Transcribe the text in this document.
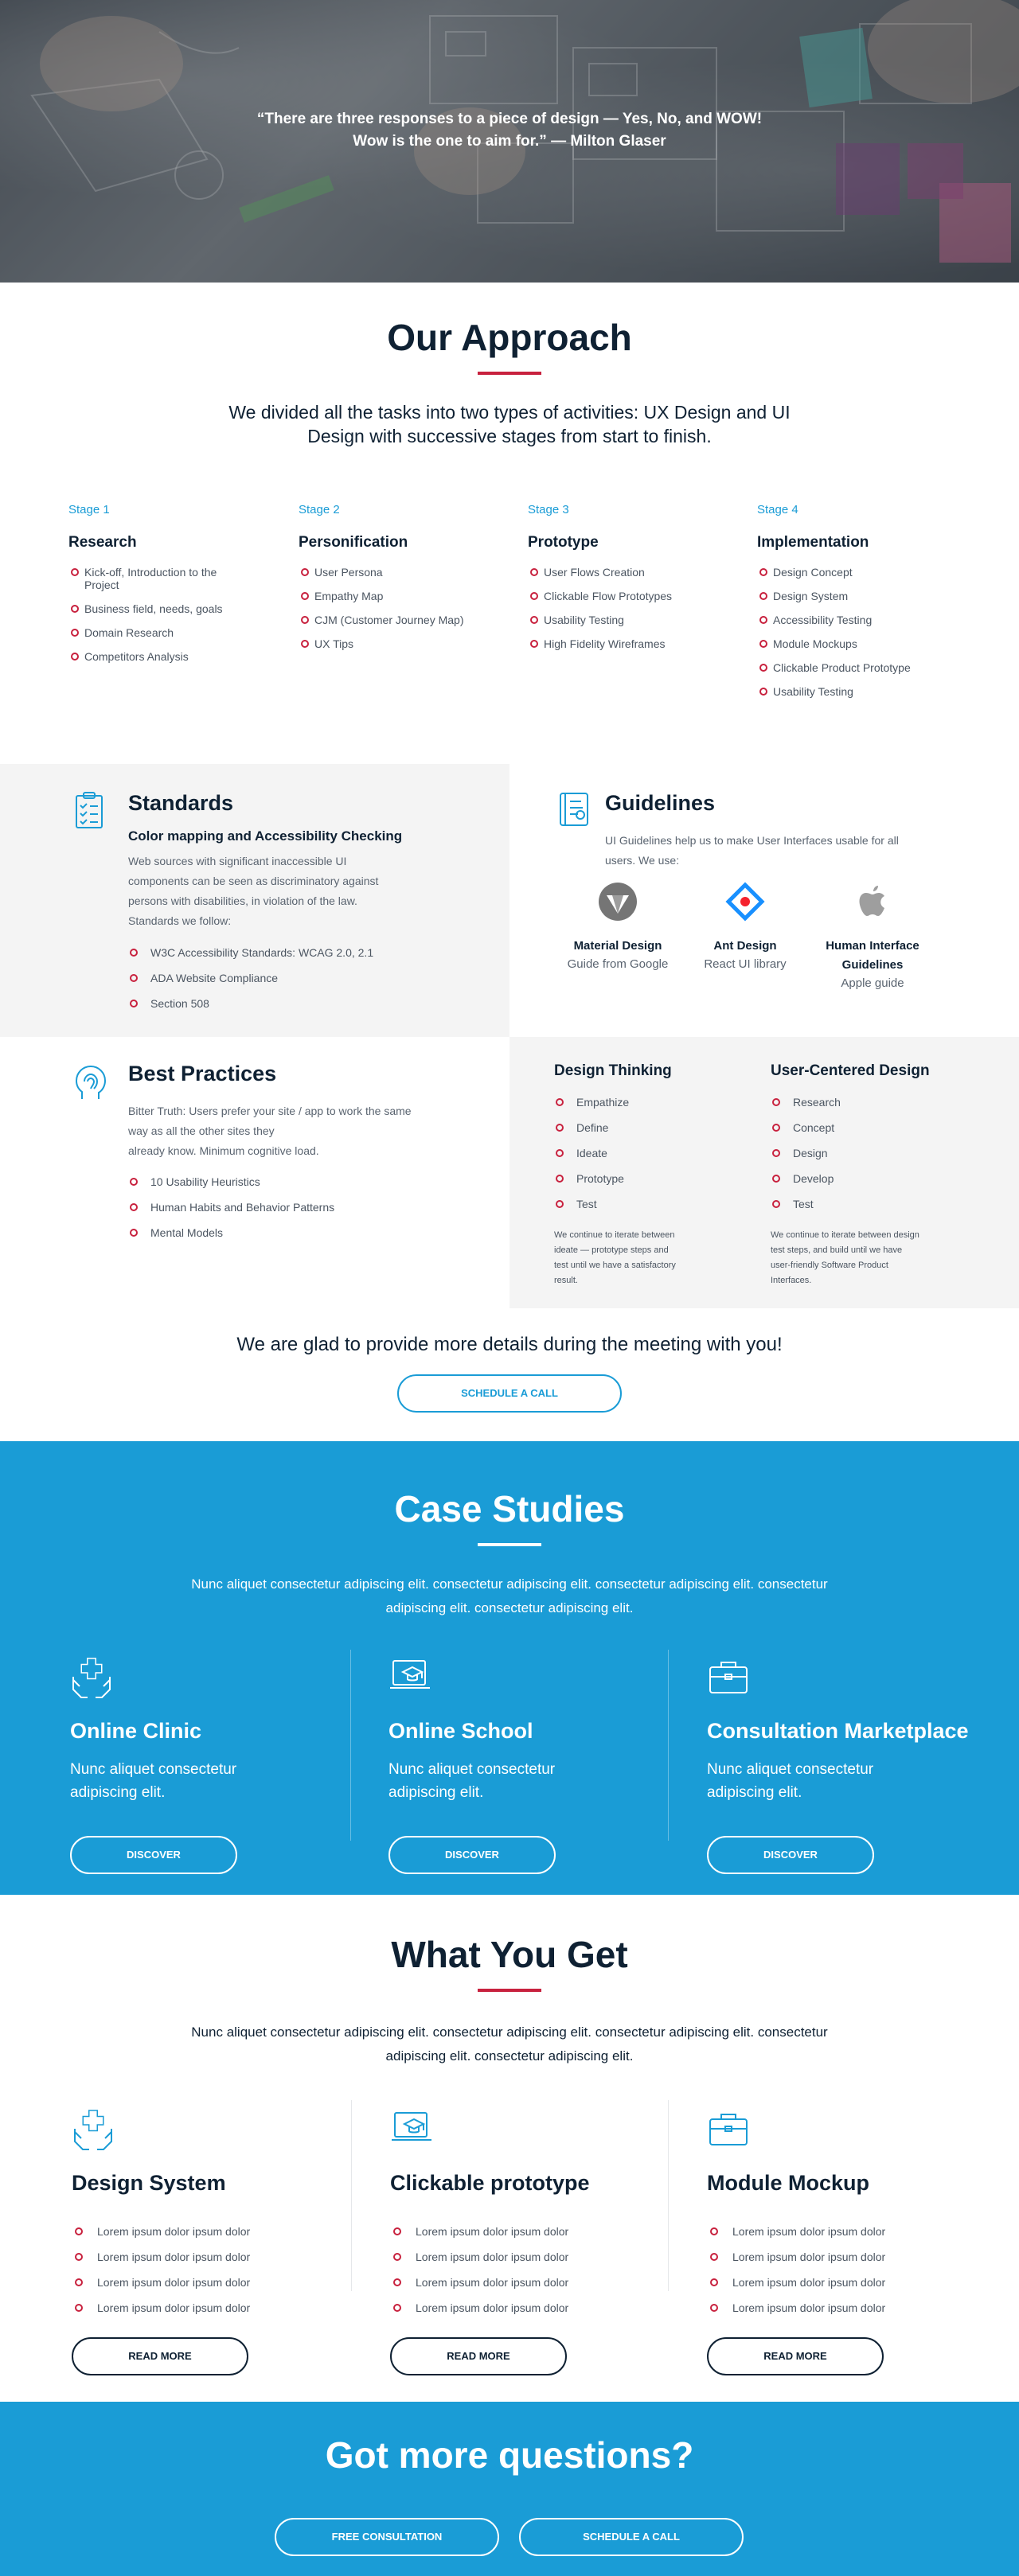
“There are three responses to a piece of design — Yes, No, and WOW!
Wow is the one to aim for.” — Milton Glaser
Our Approach
We divided all the tasks into two types of activities: UX Design and UI
Design with successive stages from start to finish.
Stage 1
Research
Kick-off, Introduction to the Project
Business field, needs, goals
Domain Research
Competitors Analysis
Stage 2
Personification
User Persona
Empathy Map
CJM (Customer Journey Map)
UX Tips
Stage 3
Prototype
User Flows Creation
Clickable Flow Prototypes
Usability Testing
High Fidelity Wireframes
Stage 4
Implementation
Design Concept
Design System
Accessibility Testing
Module Mockups
Clickable Product Prototype
Usability Testing
Standards
Color mapping and Accessibility Checking
Web sources with significant inaccessible UI
components can be seen as discriminatory against
persons with disabilities, in violation of the law.
Standards we follow:
W3C Accessibility Standards: WCAG 2.0, 2.1
ADA Website Compliance
Section 508
Guidelines
UI Guidelines help us to make User Interfaces usable for all
users. We use:
Material Design
Guide from Google
Ant Design
React UI library
Human Interface
Guidelines
Apple guide
Best Practices
Bitter Truth: Users prefer your site / app to work the same
way as all the other sites they
already know. Minimum cognitive load.
10 Usability Heuristics
Human Habits and Behavior Patterns
Mental Models
Design Thinking
Empathize
Define
Ideate
Prototype
Test
We continue to iterate between
ideate — prototype steps and
test until we have a satisfactory
result.
User-Centered Design
Research
Concept
Design
Develop
Test
We continue to iterate between design
test steps, and build until we have
user-friendly Software Product
Interfaces.
We are glad to provide more details during the meeting with you!
SCHEDULE A CALL
Case Studies
Nunc aliquet consectetur adipiscing elit. consectetur adipiscing elit. consectetur adipiscing elit. consectetur
adipiscing elit. consectetur adipiscing elit.
Online Clinic
Nunc aliquet consectetur
adipiscing elit.
DISCOVER
Online School
Nunc aliquet consectetur
adipiscing elit.
DISCOVER
Consultation Marketplace
Nunc aliquet consectetur
adipiscing elit.
DISCOVER
What You Get
Nunc aliquet consectetur adipiscing elit. consectetur adipiscing elit. consectetur adipiscing elit. consectetur
adipiscing elit. consectetur adipiscing elit.
Design System
Lorem ipsum dolor ipsum dolor
Lorem ipsum dolor ipsum dolor
Lorem ipsum dolor ipsum dolor
Lorem ipsum dolor ipsum dolor
READ MORE
Clickable prototype
Lorem ipsum dolor ipsum dolor
Lorem ipsum dolor ipsum dolor
Lorem ipsum dolor ipsum dolor
Lorem ipsum dolor ipsum dolor
READ MORE
Module Mockup
Lorem ipsum dolor ipsum dolor
Lorem ipsum dolor ipsum dolor
Lorem ipsum dolor ipsum dolor
Lorem ipsum dolor ipsum dolor
READ MORE
Got more questions?
FREE CONSULTATION	SCHEDULE A CALL
